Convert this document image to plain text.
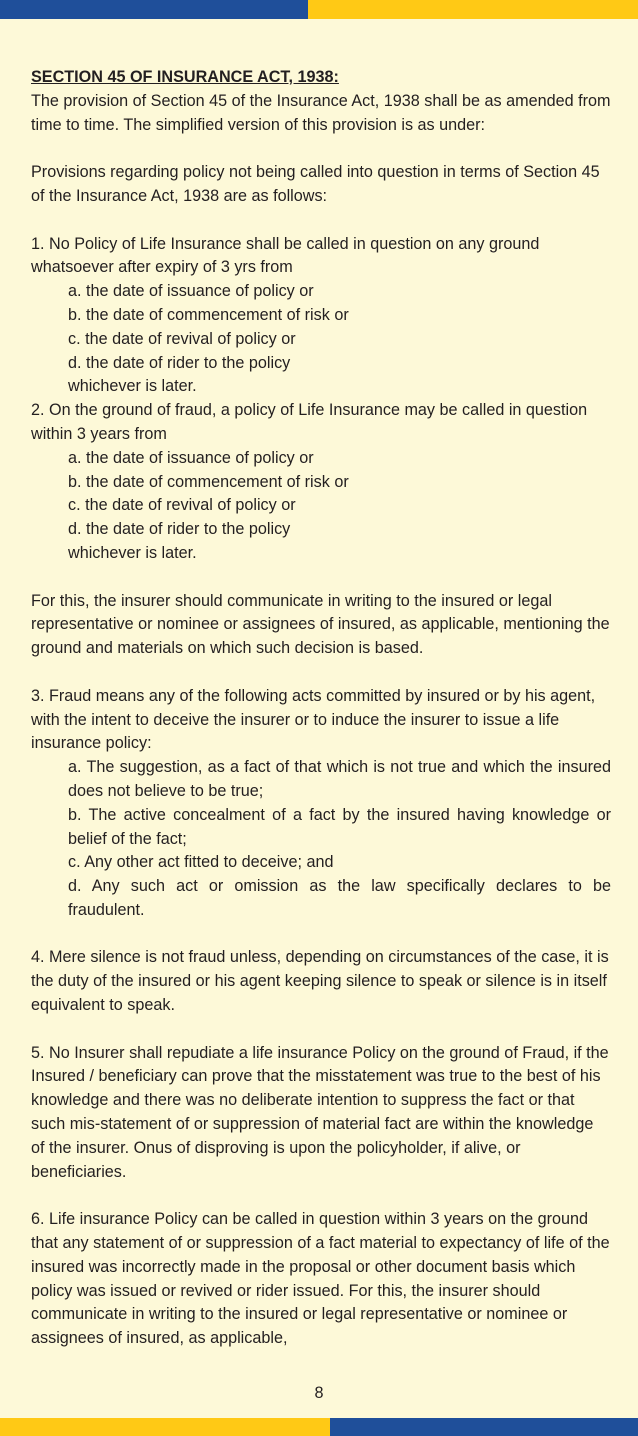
SECTION 45 OF INSURANCE ACT, 1938:

The provision of Section 45 of the Insurance Act, 1938 shall be as amended from time to time. The simplified version of this provision is as under:

Provisions regarding policy not being called into question in terms of Section 45 of the Insurance Act, 1938 are as follows:

1. No Policy of Life Insurance shall be called in question on any ground whatsoever after expiry of 3 yrs from

a. the date of issuance of policy or

b. the date of commencement of risk or

c. the date of revival of policy or

d. the date of rider to the policy

whichever is later.

2. On the ground of fraud, a policy of Life Insurance may be called in question within 3 years from

a. the date of issuance of policy or

b. the date of commencement of risk or

c. the date of revival of policy or

d. the date of rider to the policy

whichever is later.

For this, the insurer should communicate in writing to the insured or legal representative or nominee or assignees of insured, as applicable, mentioning the ground and materials on which such decision is based.

3. Fraud means any of the following acts committed by insured or by his agent, with the intent to deceive the insurer or to induce the insurer to issue a life insurance policy:

a. The suggestion, as a fact of that which is not true and which the insured does not believe to be true;

b. The active concealment of a fact by the insured having knowledge or belief of the fact;

c. Any other act fitted to deceive; and

d. Any such act or omission as the law specifically declares to be fraudulent.

4. Mere silence is not fraud unless, depending on circumstances of the case, it is the duty of the insured or his agent keeping silence to speak or silence is in itself equivalent to speak.

5. No Insurer shall repudiate a life insurance Policy on the ground of Fraud, if the Insured / beneficiary can prove that the misstatement was true to the best of his knowledge and there was no deliberate intention to suppress the fact or that such mis-statement of or suppression of material fact are within the knowledge of the insurer. Onus of disproving is upon the policyholder, if alive, or beneficiaries.

6. Life insurance Policy can be called in question within 3 years on the ground that any statement of or suppression of a fact material to expectancy of life of the insured was incorrectly made in the proposal or other document basis which policy was issued or revived or rider issued. For this, the insurer should communicate in writing to the insured or legal representative or nominee or assignees of insured, as applicable,

8
